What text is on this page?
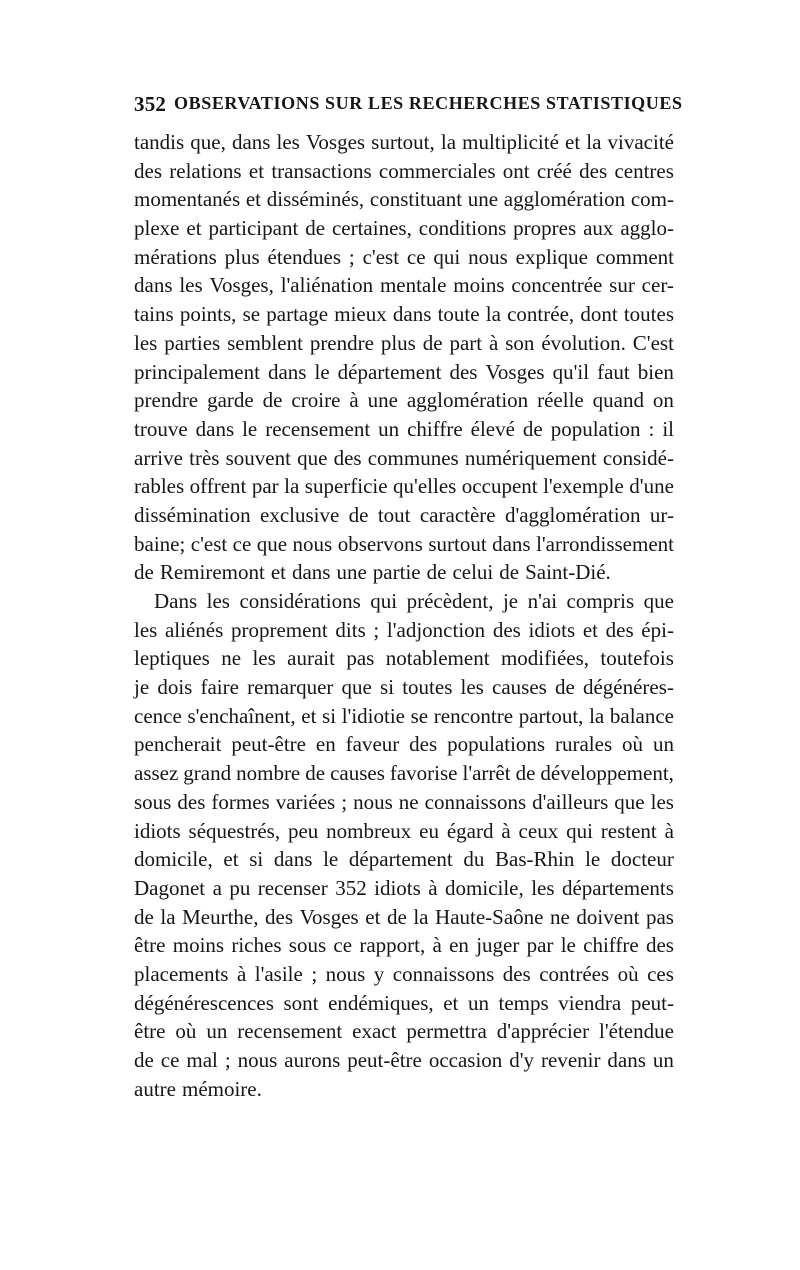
352 OBSERVATIONS SUR LES RECHERCHES STATISTIQUES
tandis que, dans les Vosges surtout, la multiplicité et la vivacité
des relations et transactions commerciales ont créé des centres
momentanés et disséminés, constituant une agglomération com-
plexe et participant de certaines, conditions propres aux agglo-
mérations plus étendues ; c'est ce qui nous explique comment
dans les Vosges, l'aliénation mentale moins concentrée sur cer-
tains points, se partage mieux dans toute la contrée, dont toutes
les parties semblent prendre plus de part à son évolution. C'est
principalement dans le département des Vosges qu'il faut bien
prendre garde de croire à une agglomération réelle quand on
trouve dans le recensement un chiffre élevé de population : il
arrive très souvent que des communes numériquement considé-
rables offrent par la superficie qu'elles occupent l'exemple d'une
dissémination exclusive de tout caractère d'agglomération ur-
baine; c'est ce que nous observons surtout dans l'arrondissement
de Remiremont et dans une partie de celui de Saint-Dié.
Dans les considérations qui précèdent, je n'ai compris que
les aliénés proprement dits ; l'adjonction des idiots et des épi-
leptiques ne les aurait pas notablement modifiées, toutefois
je dois faire remarquer que si toutes les causes de dégénéres-
cence s'enchaînent, et si l'idiotie se rencontre partout, la balance
pencherait peut-être en faveur des populations rurales où un
assez grand nombre de causes favorise l'arrêt de développement,
sous des formes variées ; nous ne connaissons d'ailleurs que les
idiots séquestrés, peu nombreux eu égard à ceux qui restent à
domicile, et si dans le département du Bas-Rhin le docteur
Dagonet a pu recenser 352 idiots à domicile, les départements
de la Meurthe, des Vosges et de la Haute-Saône ne doivent pas
être moins riches sous ce rapport, à en juger par le chiffre des
placements à l'asile ; nous y connaissons des contrées où ces
dégénérescences sont endémiques, et un temps viendra peut-
être où un recensement exact permettra d'apprécier l'étendue
de ce mal ; nous aurons peut-être occasion d'y revenir dans un
autre mémoire.
